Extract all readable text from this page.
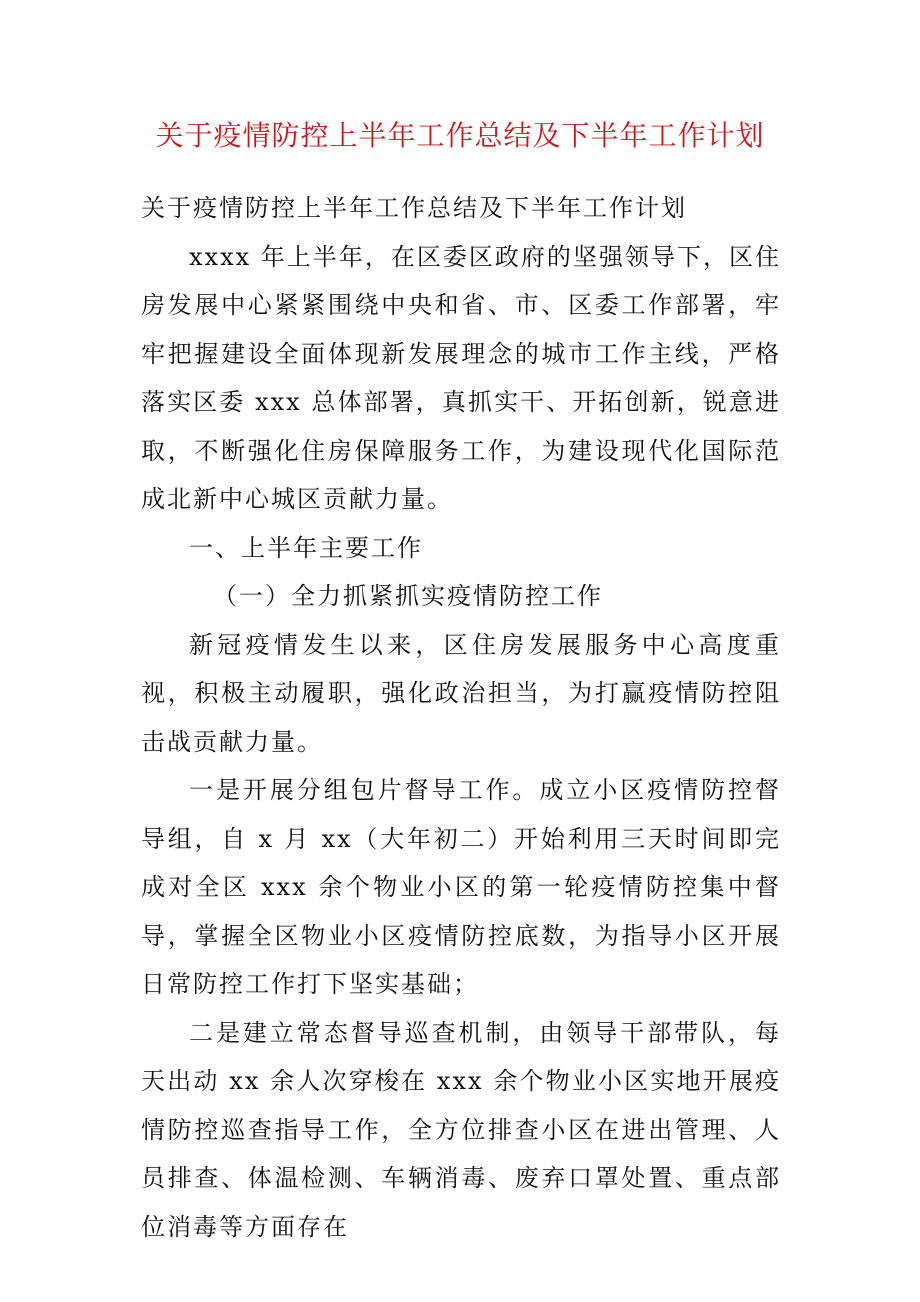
关于疫情防控上半年工作总结及下半年工作计划

关于疫情防控上半年工作总结及下半年工作计划

xxxx 年上半年，在区委区政府的坚强领导下，区住房发展中心紧紧围绕中央和省、市、区委工作部署，牢牢把握建设全面体现新发展理念的城市工作主线，严格落实区委 xxx 总体部署，真抓实干、开拓创新，锐意进取，不断强化住房保障服务工作，为建设现代化国际范成北新中心城区贡献力量。

一、上半年主要工作

（一）全力抓紧抓实疫情防控工作

新冠疫情发生以来，区住房发展服务中心高度重视，积极主动履职，强化政治担当，为打赢疫情防控阻击战贡献力量。

一是开展分组包片督导工作。成立小区疫情防控督导组，自 x 月 xx（大年初二）开始利用三天时间即完成对全区 xxx 余个物业小区的第一轮疫情防控集中督导，掌握全区物业小区疫情防控底数，为指导小区开展日常防控工作打下坚实基础；

二是建立常态督导巡查机制，由领导干部带队，每天出动 xx 余人次穿梭在 xxx 余个物业小区实地开展疫情防控巡查指导工作，全方位排查小区在进出管理、人员排查、体温检测、车辆消毒、废弃口罩处置、重点部位消毒等方面存在
